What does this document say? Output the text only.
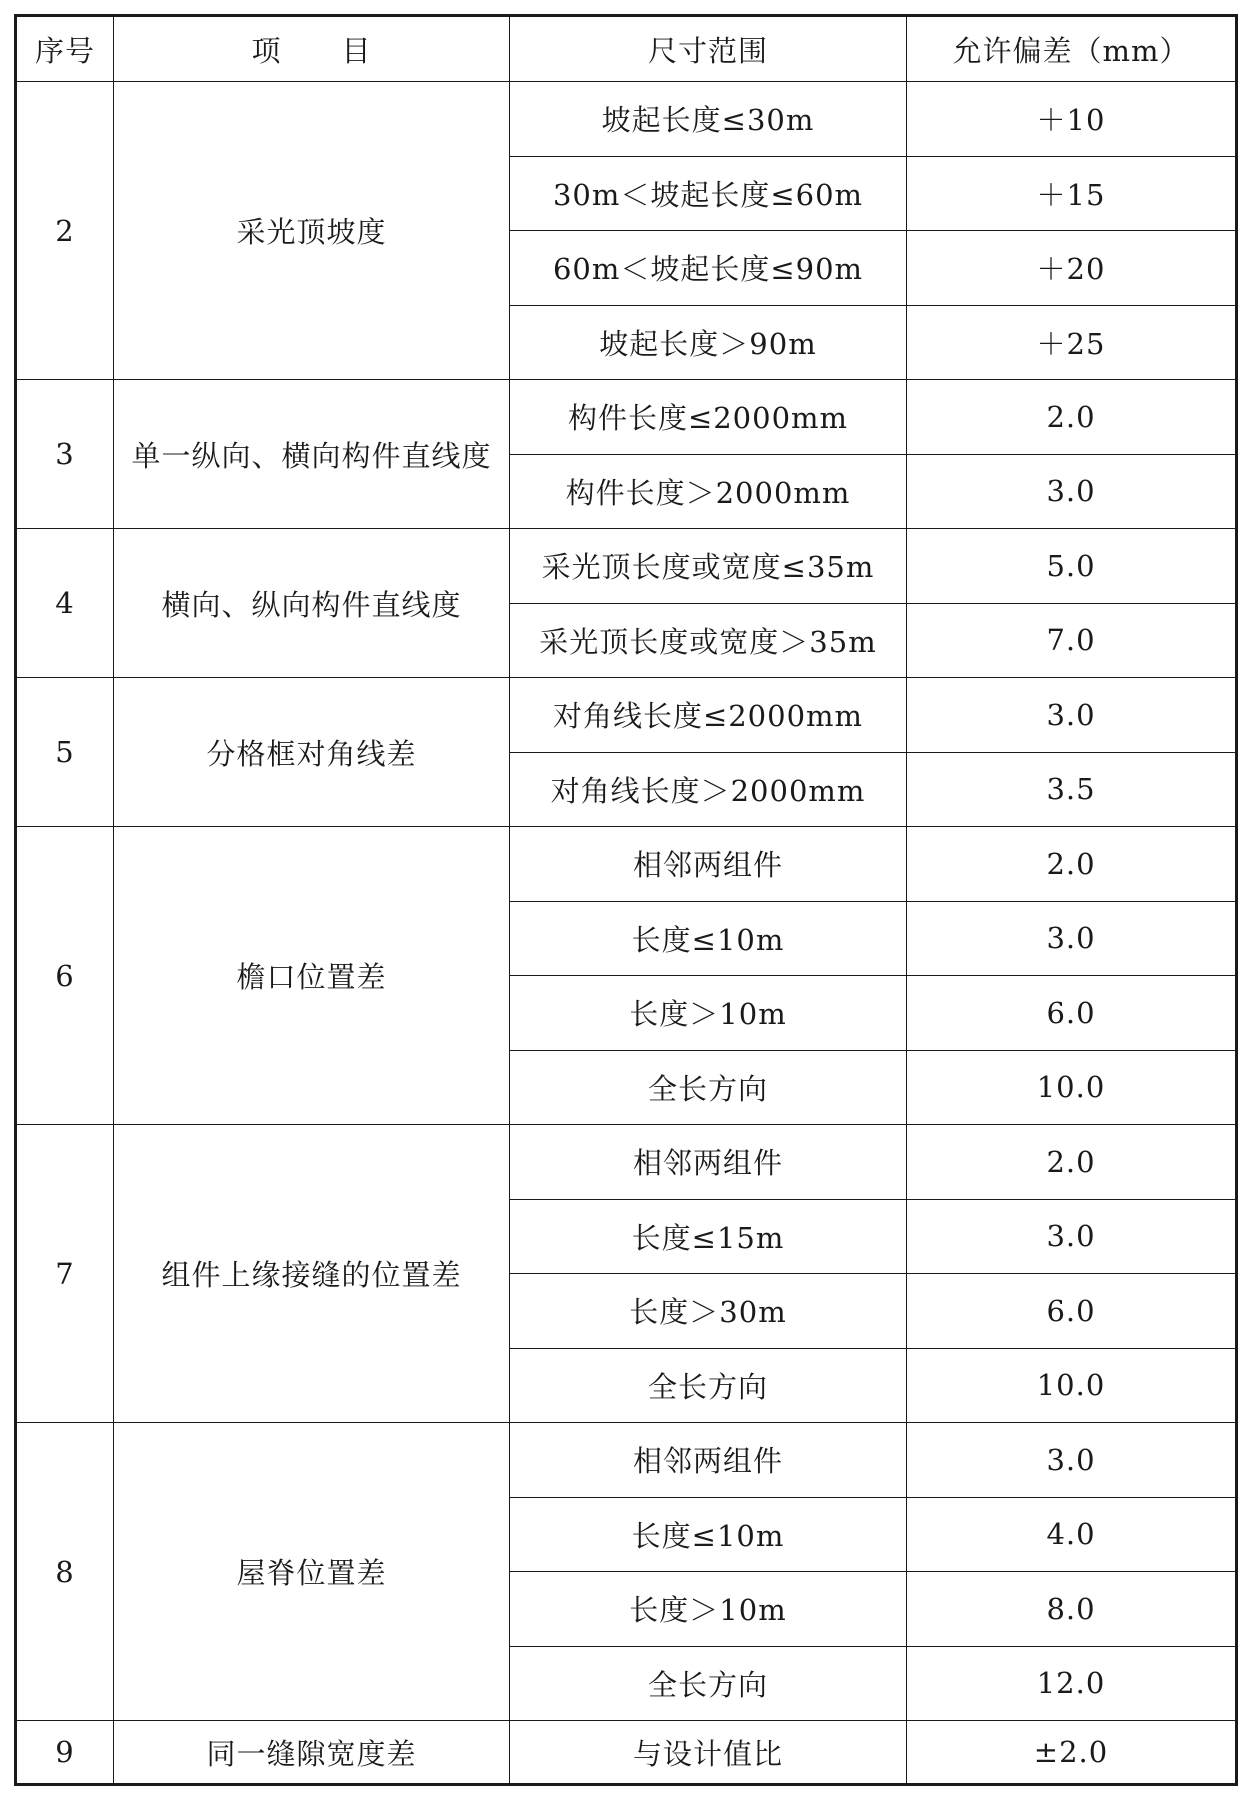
序号	项　　目	尺寸范围	允许偏差（mm）
2	采光顶坡度	坡起长度≤30m	＋10
		30m＜坡起长度≤60m	＋15
		60m＜坡起长度≤90m	＋20
		坡起长度＞90m	＋25
3	单一纵向、横向构件直线度	构件长度≤2000mm	2.0
		构件长度＞2000mm	3.0
4	横向、纵向构件直线度	采光顶长度或宽度≤35m	5.0
		采光顶长度或宽度＞35m	7.0
5	分格框对角线差	对角线长度≤2000mm	3.0
		对角线长度＞2000mm	3.5
6	檐口位置差	相邻两组件	2.0
		长度≤10m	3.0
		长度＞10m	6.0
		全长方向	10.0
7	组件上缘接缝的位置差	相邻两组件	2.0
		长度≤15m	3.0
		长度＞30m	6.0
		全长方向	10.0
8	屋脊位置差	相邻两组件	3.0
		长度≤10m	4.0
		长度＞10m	8.0
		全长方向	12.0
9	同一缝隙宽度差	与设计值比	±2.0
